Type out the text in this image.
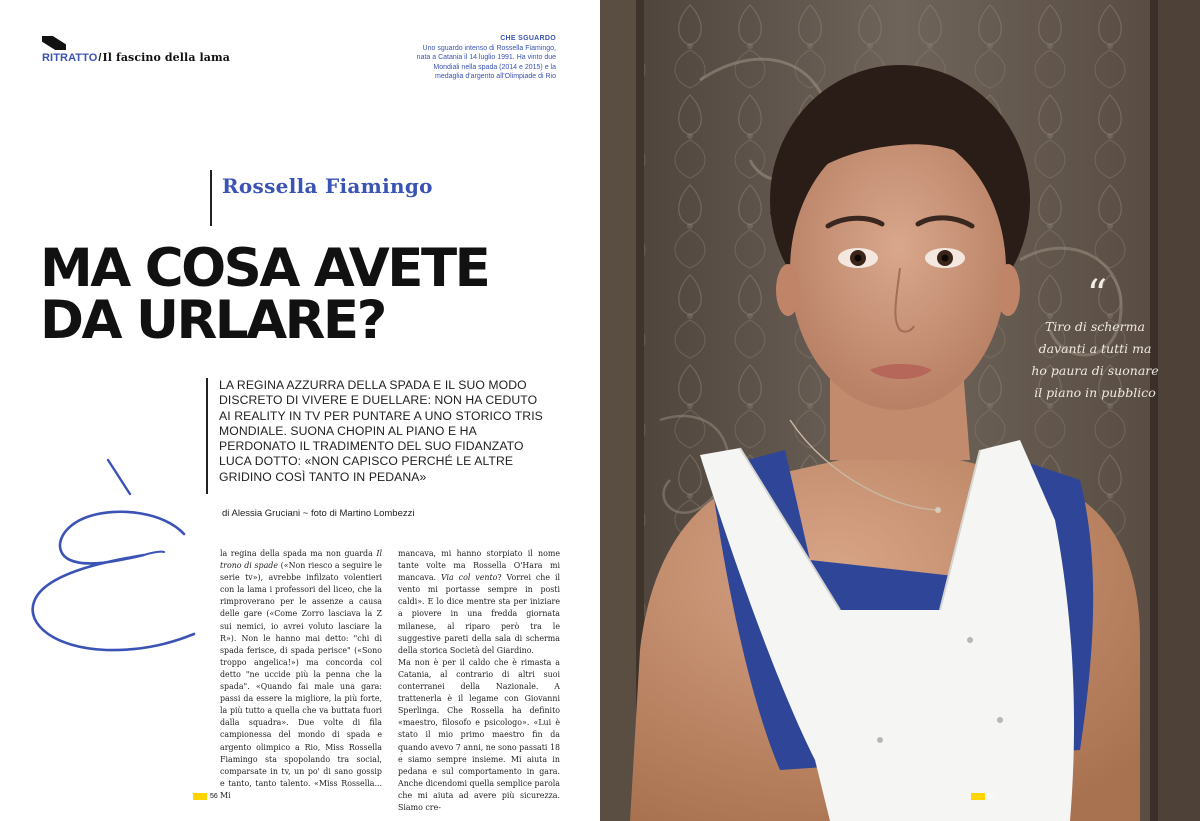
RITRATTO/Il fascino della lama
CHE SGUARDO
Uno sguardo intenso di Rossella Fiamingo, nata a Catania il 14 luglio 1991. Ha vinto due Mondiali nella spada (2014 e 2015) e la medaglia d'argento all'Olimpiade di Rio
Rossella Fiamingo
MA COSA AVETE
DA URLARE?
LA REGINA AZZURRA DELLA SPADA E IL SUO MODO DISCRETO DI VIVERE E DUELLARE: NON HA CEDUTO AI REALITY IN TV PER PUNTARE A UNO STORICO TRIS MONDIALE. SUONA CHOPIN AL PIANO E HA PERDONATO IL TRADIMENTO DEL SUO FIDANZATO LUCA DOTTO: «NON CAPISCO PERCHÉ LE ALTRE GRIDINO COSÌ TANTO IN PEDANA»
di Alessia Gruciani ~ foto di Martino Lombezzi

la regina della spada ma non guarda Il trono di spade («Non riesco a seguire le serie tv»), avrebbe infilzato volentieri con la lama i professori del liceo, che la rimproverano per le assenze a causa delle gare («Come Zorro lasciava la Z sui nemici, io avrei voluto lasciare la R»). Non le hanno mai detto: "chi di spada ferisce, di spada perisce" («Sono troppo angelica!») ma concorda col detto "ne uccide più la penna che la spada". «Quando fai male una gara: passi da essere la migliore, la più forte, la più tutto a quella che va buttata fuori dalla squadra». Due volte di fila campionessa del mondo di spada e argento olimpico a Rio, Miss Rossella Fiamingo sta spopolando tra social, comparsate in tv, un po' di sano gossip e tanto, tanto talento. «Miss Rossella... Mi

mancava, mi hanno storpiato il nome tante volte ma Rossella O'Hara mi mancava. Via col vento? Vorrei che il vento mi portasse sempre in posti caldi». E lo dice mentre sta per iniziare a piovere in una fredda giornata milanese, al riparo però tra le suggestive pareti della sala di scherma della storica Società del Giardino.

Ma non è per il caldo che è rimasta a Catania, al contrario di altri suoi conterranei della Nazionale. A trattenerla è il legame con Giovanni Sperlinga. Che Rossella ha definito «maestro, filosofo e psicologo». «Lui è stato il mio primo maestro fin da quando avevo 7 anni, ne sono passati 18 e siamo sempre insieme. Mi aiuta in pedana e sul comportamento in gara. Anche dicendomi quella semplice parola che mi aiuta ad avere più sicurezza. Siamo cre-

56
“
Tiro di scherma
davanti a tutti ma
ho paura di suonare
il piano in pubblico
57
